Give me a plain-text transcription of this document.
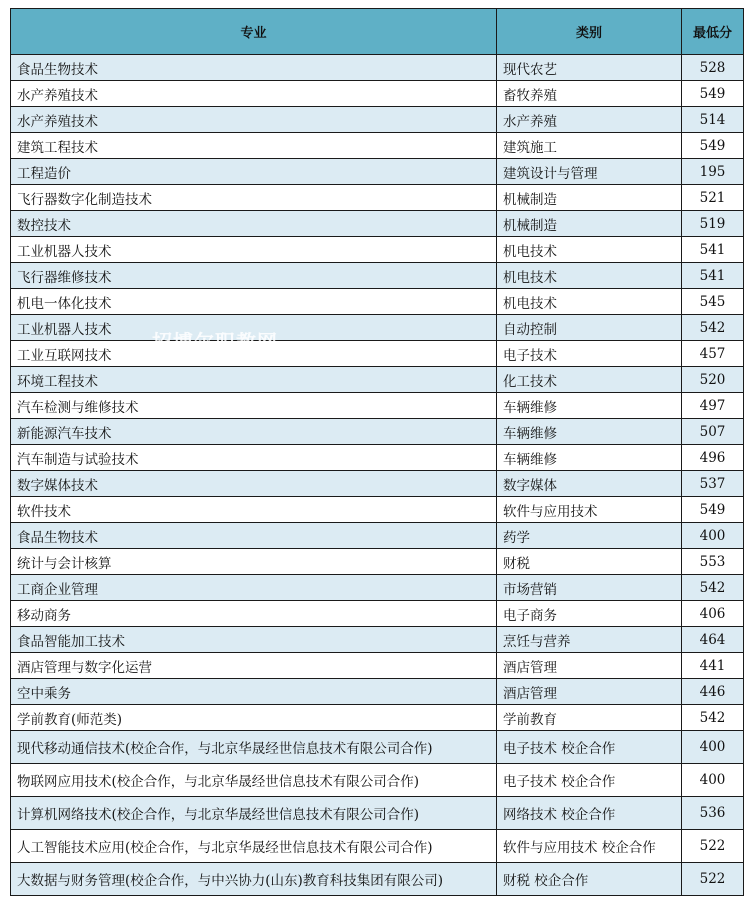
专业	类别	最低分
食品生物技术	现代农艺	528
水产养殖技术	畜牧养殖	549
水产养殖技术	水产养殖	514
建筑工程技术	建筑施工	549
工程造价	建筑设计与管理	195
飞行器数字化制造技术	机械制造	521
数控技术	机械制造	519
工业机器人技术	机电技术	541
飞行器维修技术	机电技术	541
机电一体化技术	机电技术	545
工业机器人技术	自动控制	542
工业互联网技术	电子技术	457
环境工程技术	化工技术	520
汽车检测与维修技术	车辆维修	497
新能源汽车技术	车辆维修	507
汽车制造与试验技术	车辆维修	496
数字媒体技术	数字媒体	537
软件技术	软件与应用技术	549
食品生物技术	药学	400
统计与会计核算	财税	553
工商企业管理	市场营销	542
移动商务	电子商务	406
食品智能加工技术	烹饪与营养	464
酒店管理与数字化运营	酒店管理	441
空中乘务	酒店管理	446
学前教育(师范类)	学前教育	542
现代移动通信技术(校企合作，与北京华晟经世信息技术有限公司合作)	电子技术 校企合作	400
物联网应用技术(校企合作，与北京华晟经世信息技术有限公司合作)	电子技术 校企合作	400
计算机网络技术(校企合作，与北京华晟经世信息技术有限公司合作)	网络技术 校企合作	536
人工智能技术应用(校企合作，与北京华晟经世信息技术有限公司合作)	软件与应用技术 校企合作	522
大数据与财务管理(校企合作，与中兴协力(山东)教育科技集团有限公司)	财税 校企合作	522
招博尔职教网
